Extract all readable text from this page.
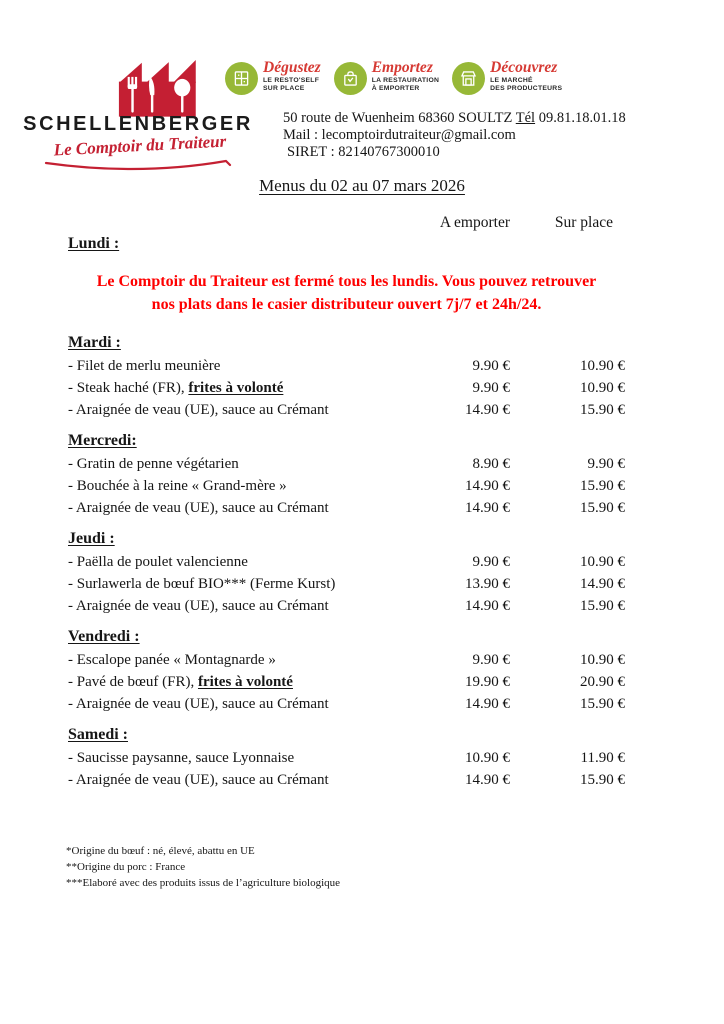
SCHELLENBERGER
Le Comptoir du Traiteur
Dégustez
LE RESTO'SELF
SUR PLACE
Emportez
LA RESTAURATION
À EMPORTER
Découvrez
LE MARCHÉ
DES PRODUCTEURS
50 route de Wuenheim 68360 SOULTZ Tél 09.81.18.01.18
Mail : lecomptoirdutraiteur@gmail.com
SIRET : 82140767300010
Menus du 02 au 07 mars 2026
A emporter	Sur place
Lundi :
Le Comptoir du Traiteur est fermé tous les lundis. Vous pouvez retrouver
nos plats dans le casier distributeur ouvert 7j/7 et 24h/24.
Mardi :
- Filet de merlu meunière	9.90 €	10.90 €
- Steak haché (FR), frites à volonté	9.90 €	10.90 €
- Araignée de veau (UE), sauce au Crémant	14.90 €	15.90 €
Mercredi:
- Gratin de penne végétarien	8.90 €	9.90 €
- Bouchée à la reine « Grand-mère »	14.90 €	15.90 €
- Araignée de veau (UE), sauce au Crémant	14.90 €	15.90 €
Jeudi :
- Paëlla de poulet valencienne	9.90 €	10.90 €
- Surlawerla de bœuf BIO*** (Ferme Kurst)	13.90 €	14.90 €
- Araignée de veau (UE), sauce au Crémant	14.90 €	15.90 €
Vendredi :
- Escalope panée « Montagnarde »	9.90 €	10.90 €
- Pavé de bœuf (FR), frites à volonté	19.90 €	20.90 €
- Araignée de veau (UE), sauce au Crémant	14.90 €	15.90 €
Samedi :
- Saucisse paysanne, sauce Lyonnaise	10.90 €	11.90 €
- Araignée de veau (UE), sauce au Crémant	14.90 €	15.90 €
*Origine du bœuf : né, élevé, abattu en UE
**Origine du porc : France
***Elaboré avec des produits issus de l’agriculture biologique
